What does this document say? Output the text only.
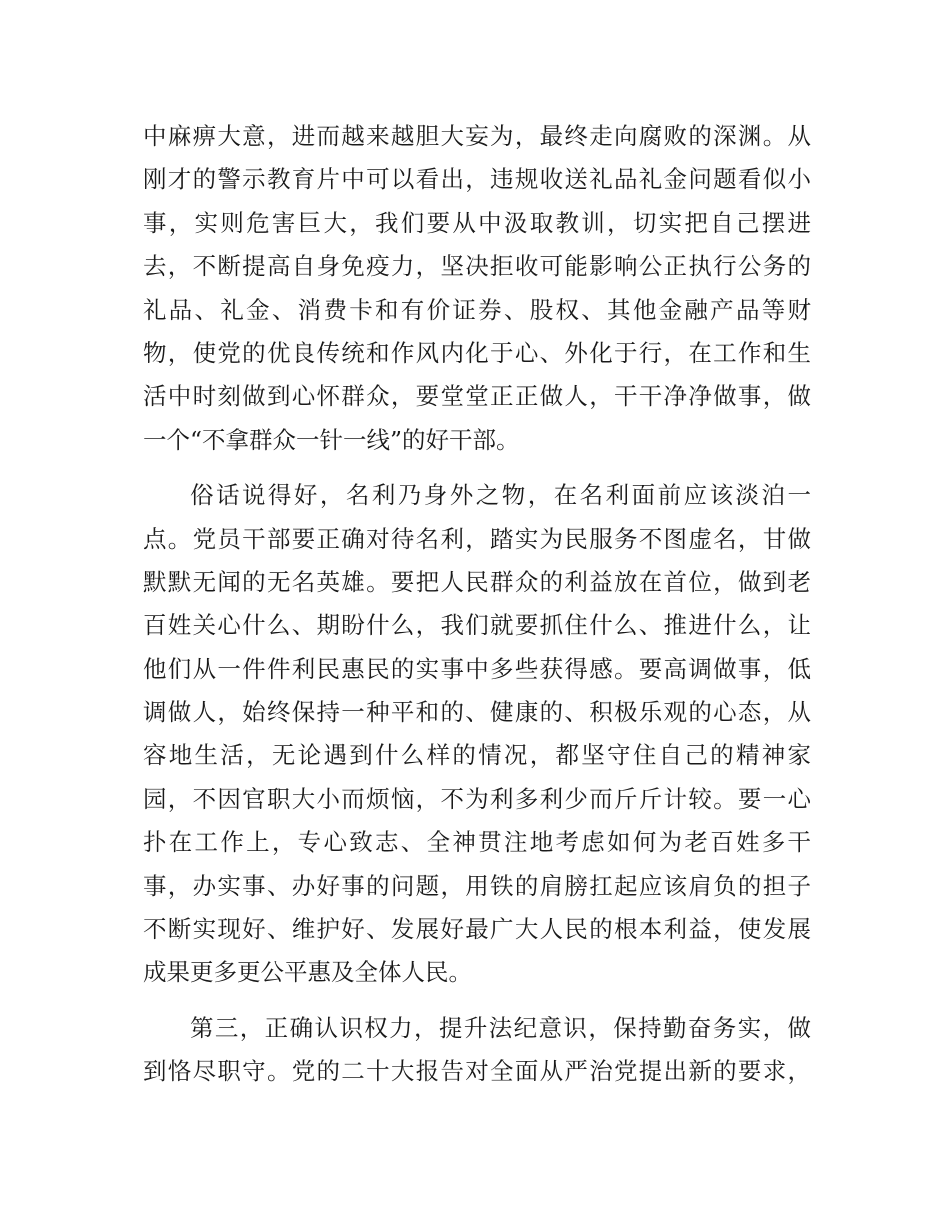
中麻痹大意，进而越来越胆大妄为，最终走向腐败的深渊。从
刚才的警示教育片中可以看出，违规收送礼品礼金问题看似小
事，实则危害巨大，我们要从中汲取教训，切实把自己摆进
去，不断提高自身免疫力，坚决拒收可能影响公正执行公务的
礼品、礼金、消费卡和有价证券、股权、其他金融产品等财
物，使党的优良传统和作风内化于心、外化于行，在工作和生
活中时刻做到心怀群众，要堂堂正正做人，干干净净做事，做
一个“不拿群众一针一线”的好干部。
俗话说得好，名利乃身外之物，在名利面前应该淡泊一
点。党员干部要正确对待名利，踏实为民服务不图虚名，甘做
默默无闻的无名英雄。要把人民群众的利益放在首位，做到老
百姓关心什么、期盼什么，我们就要抓住什么、推进什么，让
他们从一件件利民惠民的实事中多些获得感。要高调做事，低
调做人，始终保持一种平和的、健康的、积极乐观的心态，从
容地生活，无论遇到什么样的情况，都坚守住自己的精神家
园，不因官职大小而烦恼，不为利多利少而斤斤计较。要一心
扑在工作上，专心致志、全神贯注地考虑如何为老百姓多干
事，办实事、办好事的问题，用铁的肩膀扛起应该肩负的担子
不断实现好、维护好、发展好最广大人民的根本利益，使发展
成果更多更公平惠及全体人民。
第三，正确认识权力，提升法纪意识，保持勤奋务实，做
到恪尽职守。党的二十大报告对全面从严治党提出新的要求，
